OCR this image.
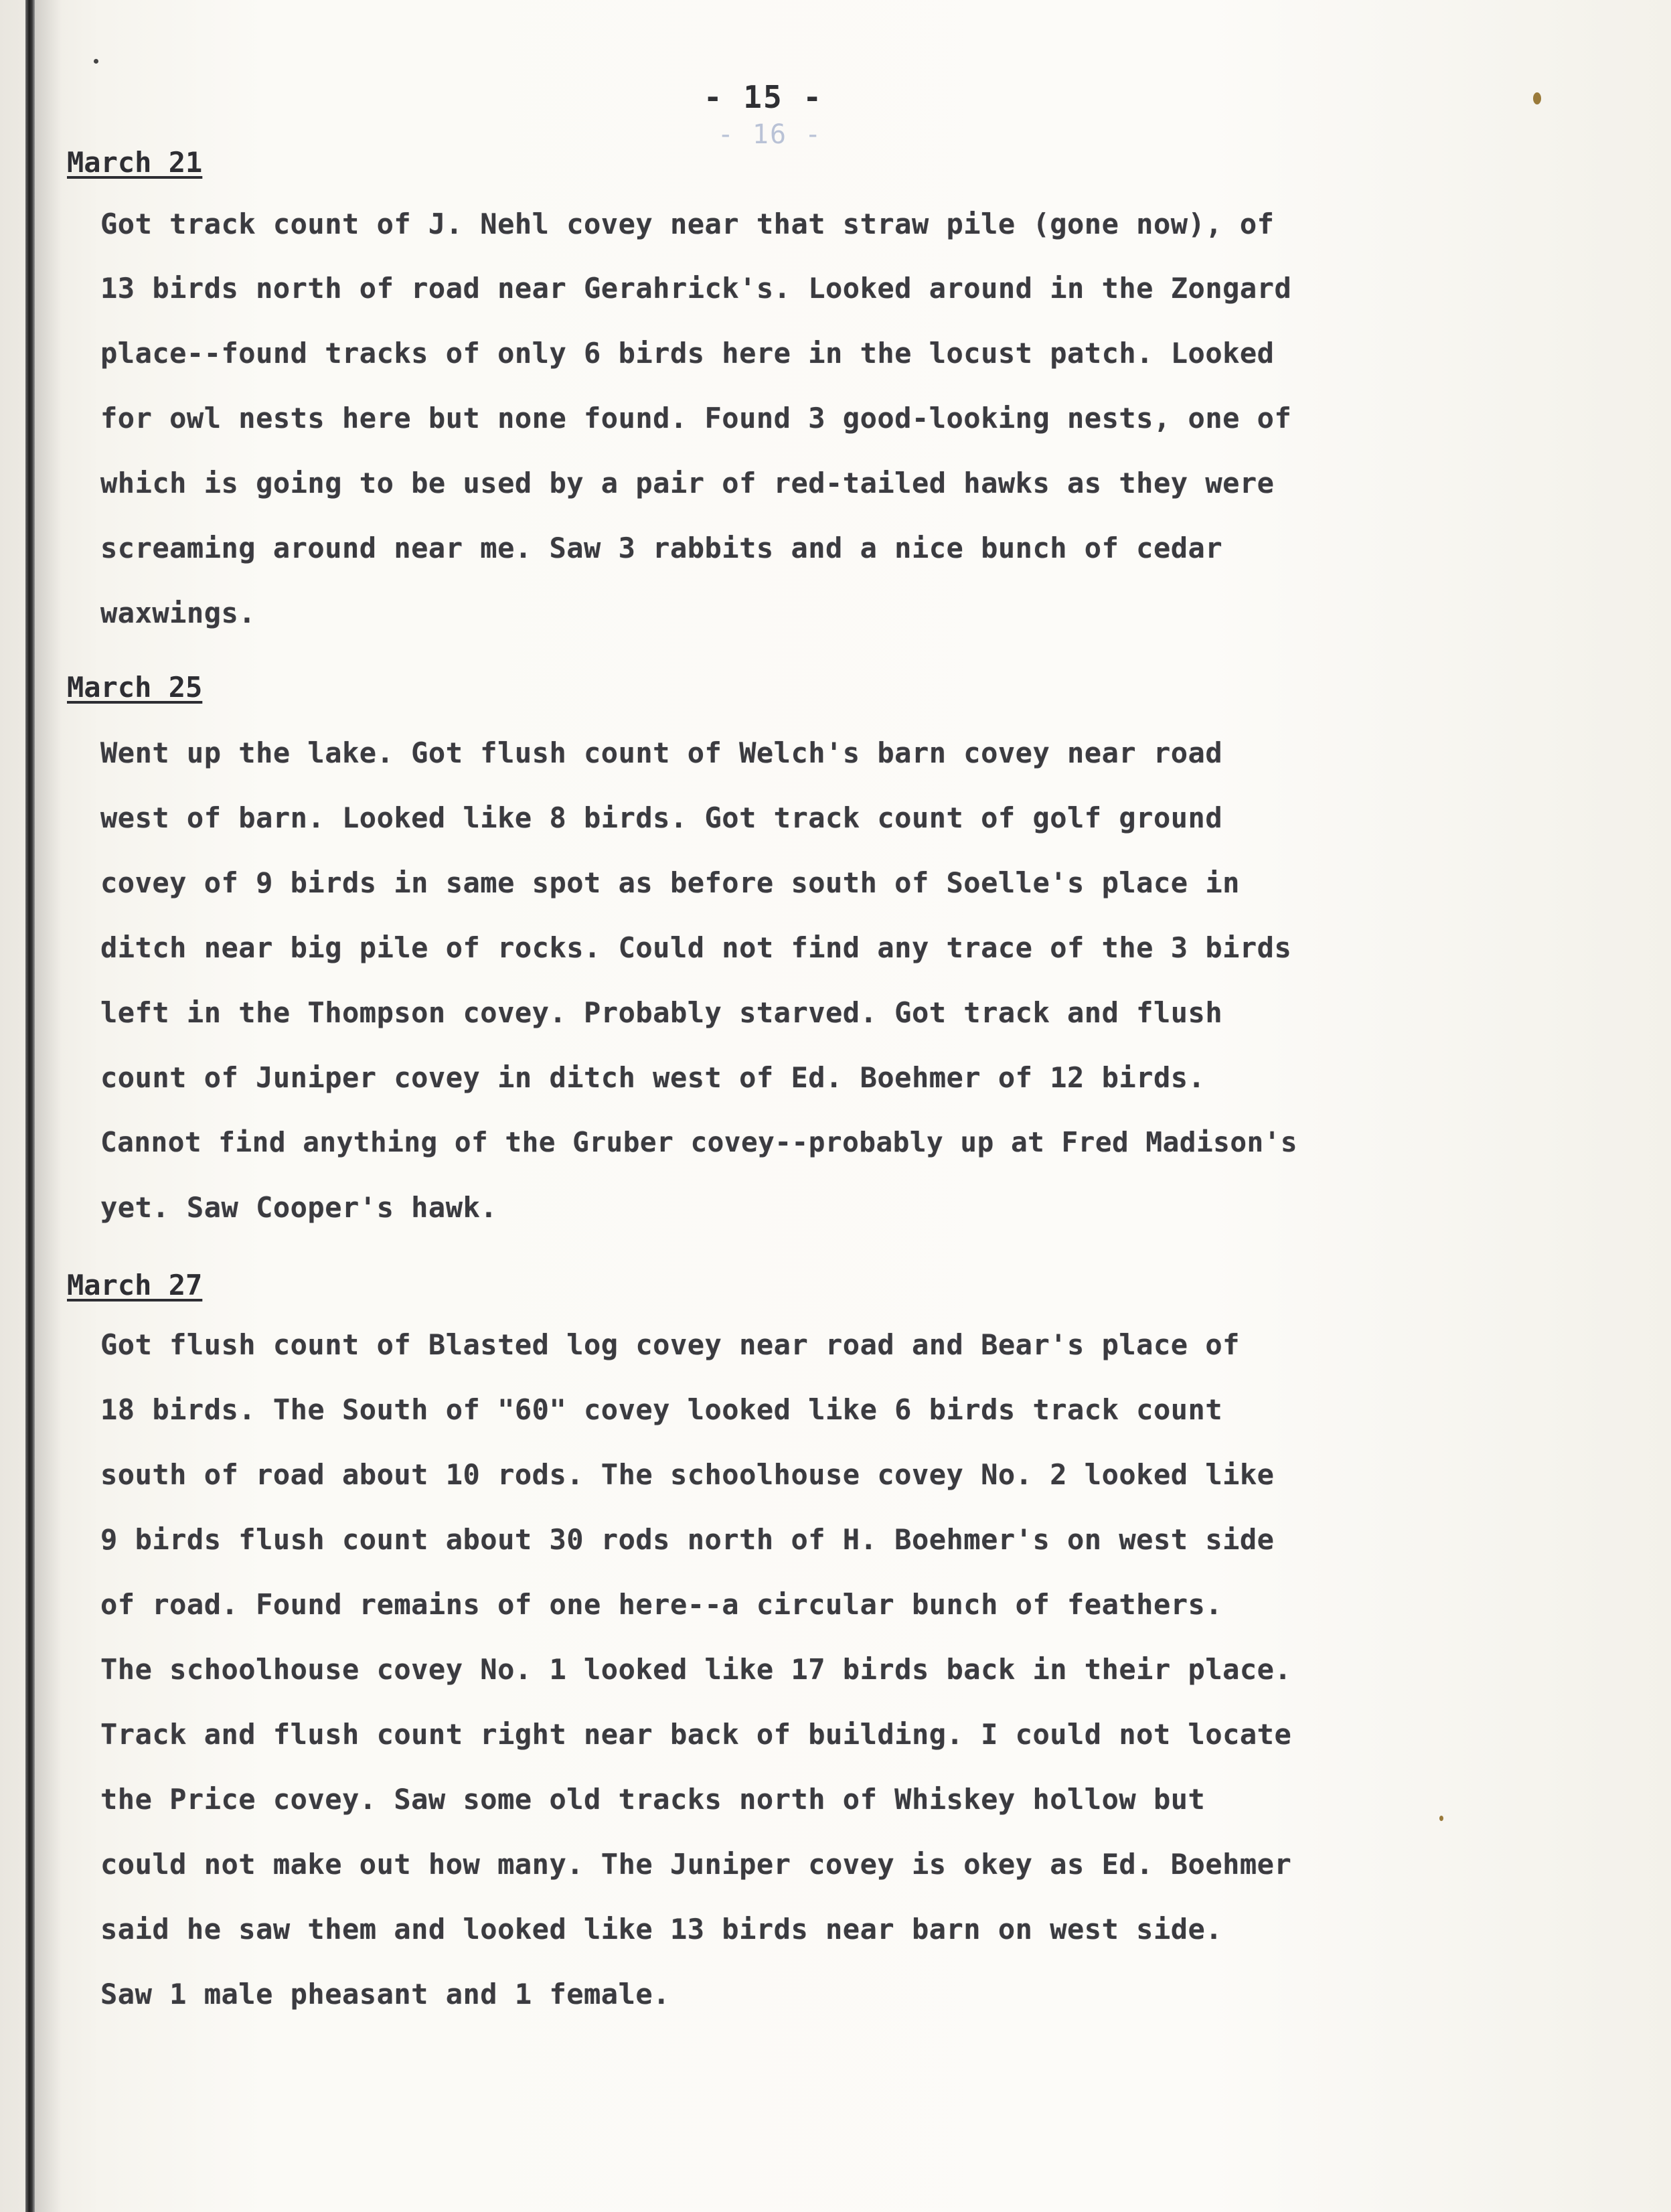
- 15 -
- 16 -
March 21
Got track count of J. Nehl covey near that straw pile (gone now), of
13 birds north of road near Gerahrick's. Looked around in the Zongard
place--found tracks of only 6 birds here in the locust patch. Looked
for owl nests here but none found. Found 3 good-looking nests, one of
which is going to be used by a pair of red-tailed hawks as they were
screaming around near me. Saw 3 rabbits and a nice bunch of cedar
waxwings.
March 25
Went up the lake. Got flush count of Welch's barn covey near road
west of barn. Looked like 8 birds. Got track count of golf ground
covey of 9 birds in same spot as before south of Soelle's place in
ditch near big pile of rocks. Could not find any trace of the 3 birds
left in the Thompson covey. Probably starved. Got track and flush
count of Juniper covey in ditch west of Ed. Boehmer of 12 birds.
Cannot find anything of the Gruber covey--probably up at Fred Madison's
yet. Saw Cooper's hawk.
March 27
Got flush count of Blasted log covey near road and Bear's place of
18 birds. The South of "60" covey looked like 6 birds track count
south of road about 10 rods. The schoolhouse covey No. 2 looked like
9 birds flush count about 30 rods north of H. Boehmer's on west side
of road. Found remains of one here--a circular bunch of feathers.
The schoolhouse covey No. 1 looked like 17 birds back in their place.
Track and flush count right near back of building. I could not locate
the Price covey. Saw some old tracks north of Whiskey hollow but
could not make out how many. The Juniper covey is okey as Ed. Boehmer
said he saw them and looked like 13 birds near barn on west side.
Saw 1 male pheasant and 1 female.
